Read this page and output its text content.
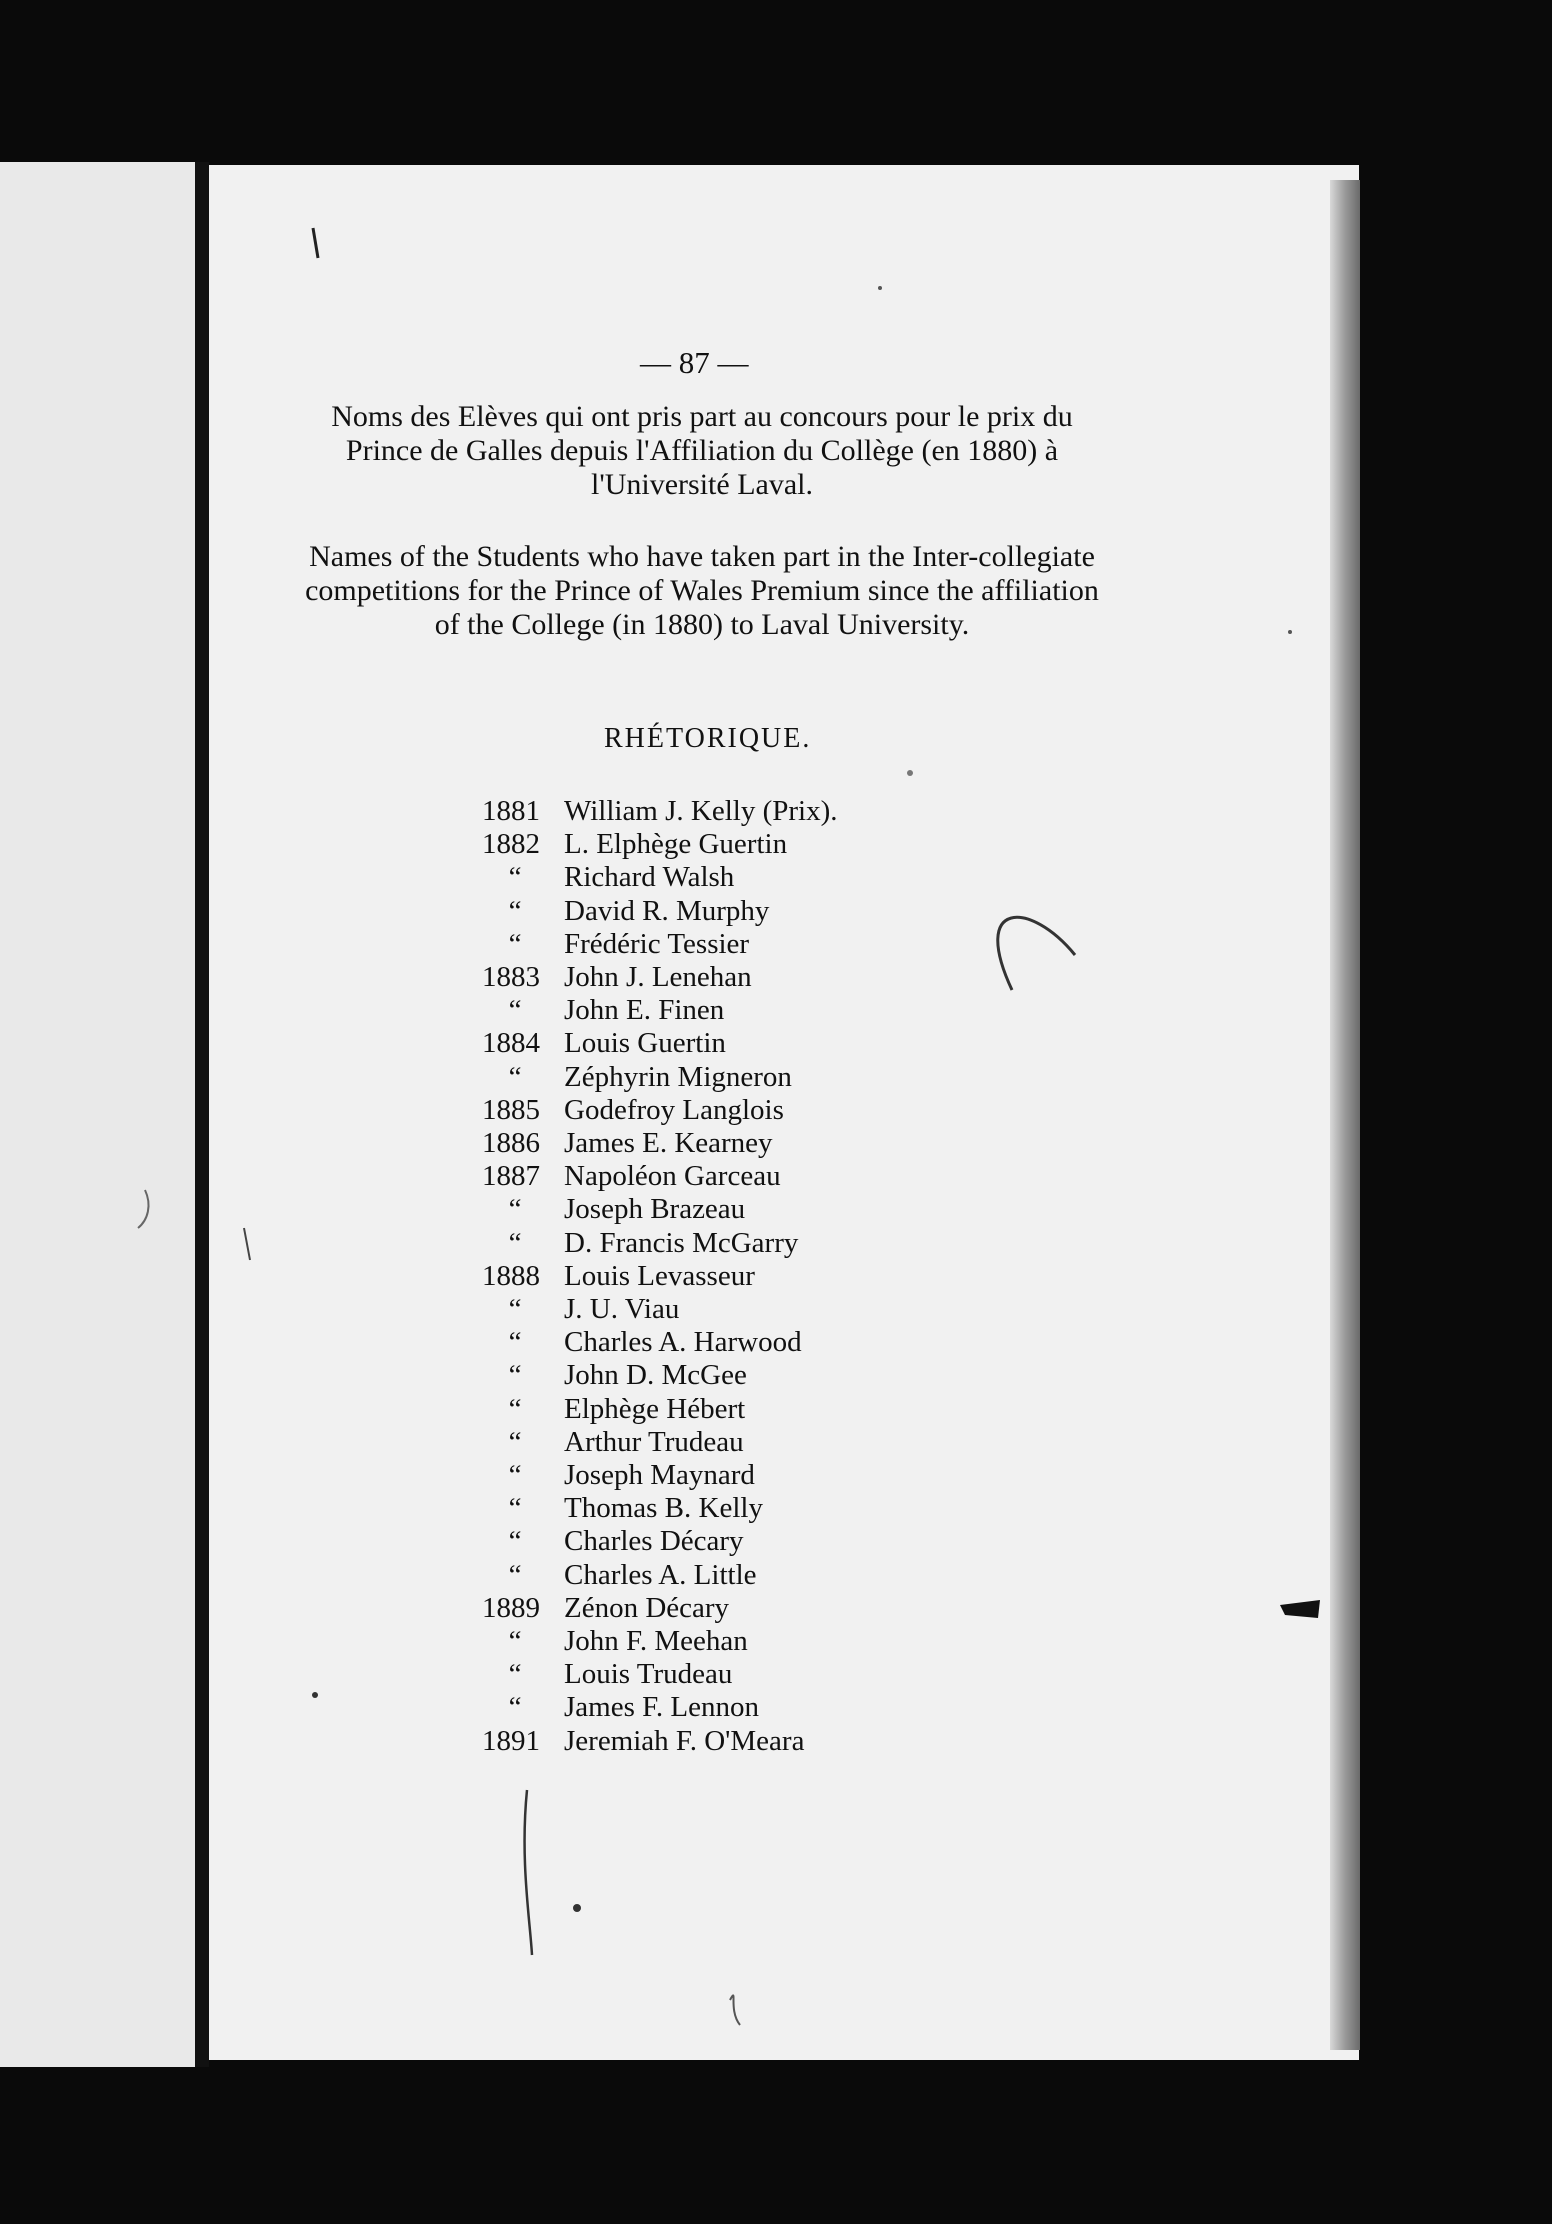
— 87 —
Noms des Elèves qui ont pris part au concours pour le prix du Prince de Galles depuis l'Affiliation du Collège (en 1880) à l'Université Laval.
Names of the Students who have taken part in the Inter-collegiate competitions for the Prince of Wales Premium since the affiliation of the College (in 1880) to Laval University.
RHÉTORIQUE.
1881 William J. Kelly (Prix).
1882 L. Elphège Guertin
“	Richard Walsh
“	David R. Murphy
“	Frédéric Tessier
1883 John J. Lenehan
“	John E. Finen
1884 Louis Guertin
“	Zéphyrin Migneron
1885 Godefroy Langlois
1886 James E. Kearney
1887 Napoléon Garceau
“	Joseph Brazeau
“	D. Francis McGarry
1888 Louis Levasseur
“	J. U. Viau
“	Charles A. Harwood
“	John D. McGee
“	Elphège Hébert
“	Arthur Trudeau
“	Joseph Maynard
“	Thomas B. Kelly
“	Charles Décary
“	Charles A. Little
1889 Zénon Décary
“	John F. Meehan
“	Louis Trudeau
“	James F. Lennon
1891 Jeremiah F. O'Meara
